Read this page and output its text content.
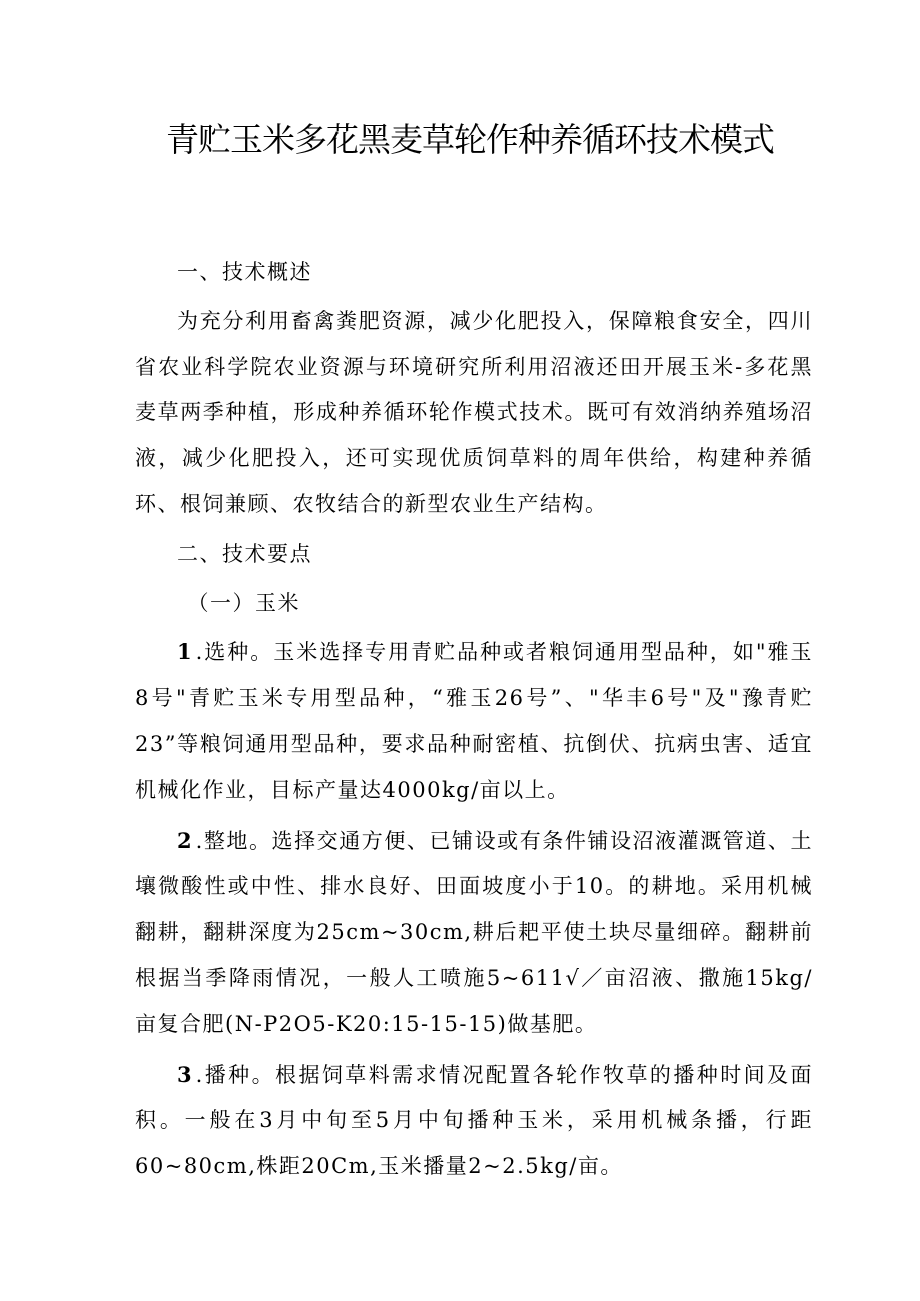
青贮玉米多花黑麦草轮作种养循环技术模式

一、技术概述

为充分利用畜禽粪肥资源，减少化肥投入，保障粮食安全，四川省农业科学院农业资源与环境研究所利用沼液还田开展玉米-多花黑麦草两季种植，形成种养循环轮作模式技术。既可有效消纳养殖场沼液，减少化肥投入，还可实现优质饲草料的周年供给，构建种养循环、根饲兼顾、农牧结合的新型农业生产结构。

二、技术要点

（一）玉米

1 .选种。玉米选择专用青贮品种或者粮饲通用型品种，如"雅玉8号"青贮玉米专用型品种，“雅玉26号”、"华丰6号"及"豫青贮23”等粮饲通用型品种，要求品种耐密植、抗倒伏、抗病虫害、适宜机械化作业，目标产量达4000kg/亩以上。

2 .整地。选择交通方便、已铺设或有条件铺设沼液灌溉管道、土壤微酸性或中性、排水良好、田面坡度小于10。的耕地。采用机械翻耕，翻耕深度为25cm~30cm,耕后耙平使土块尽量细碎。翻耕前根据当季降雨情况，一般人工喷施5~611√／亩沼液、撒施15kg/亩复合肥(N-P2O5-K20:15-15-15)做基肥。

3 .播种。根据饲草料需求情况配置各轮作牧草的播种时间及面积。一般在3月中旬至5月中旬播种玉米，采用机械条播，行距60~80cm,株距20Cm,玉米播量2~2.5kg/亩。
